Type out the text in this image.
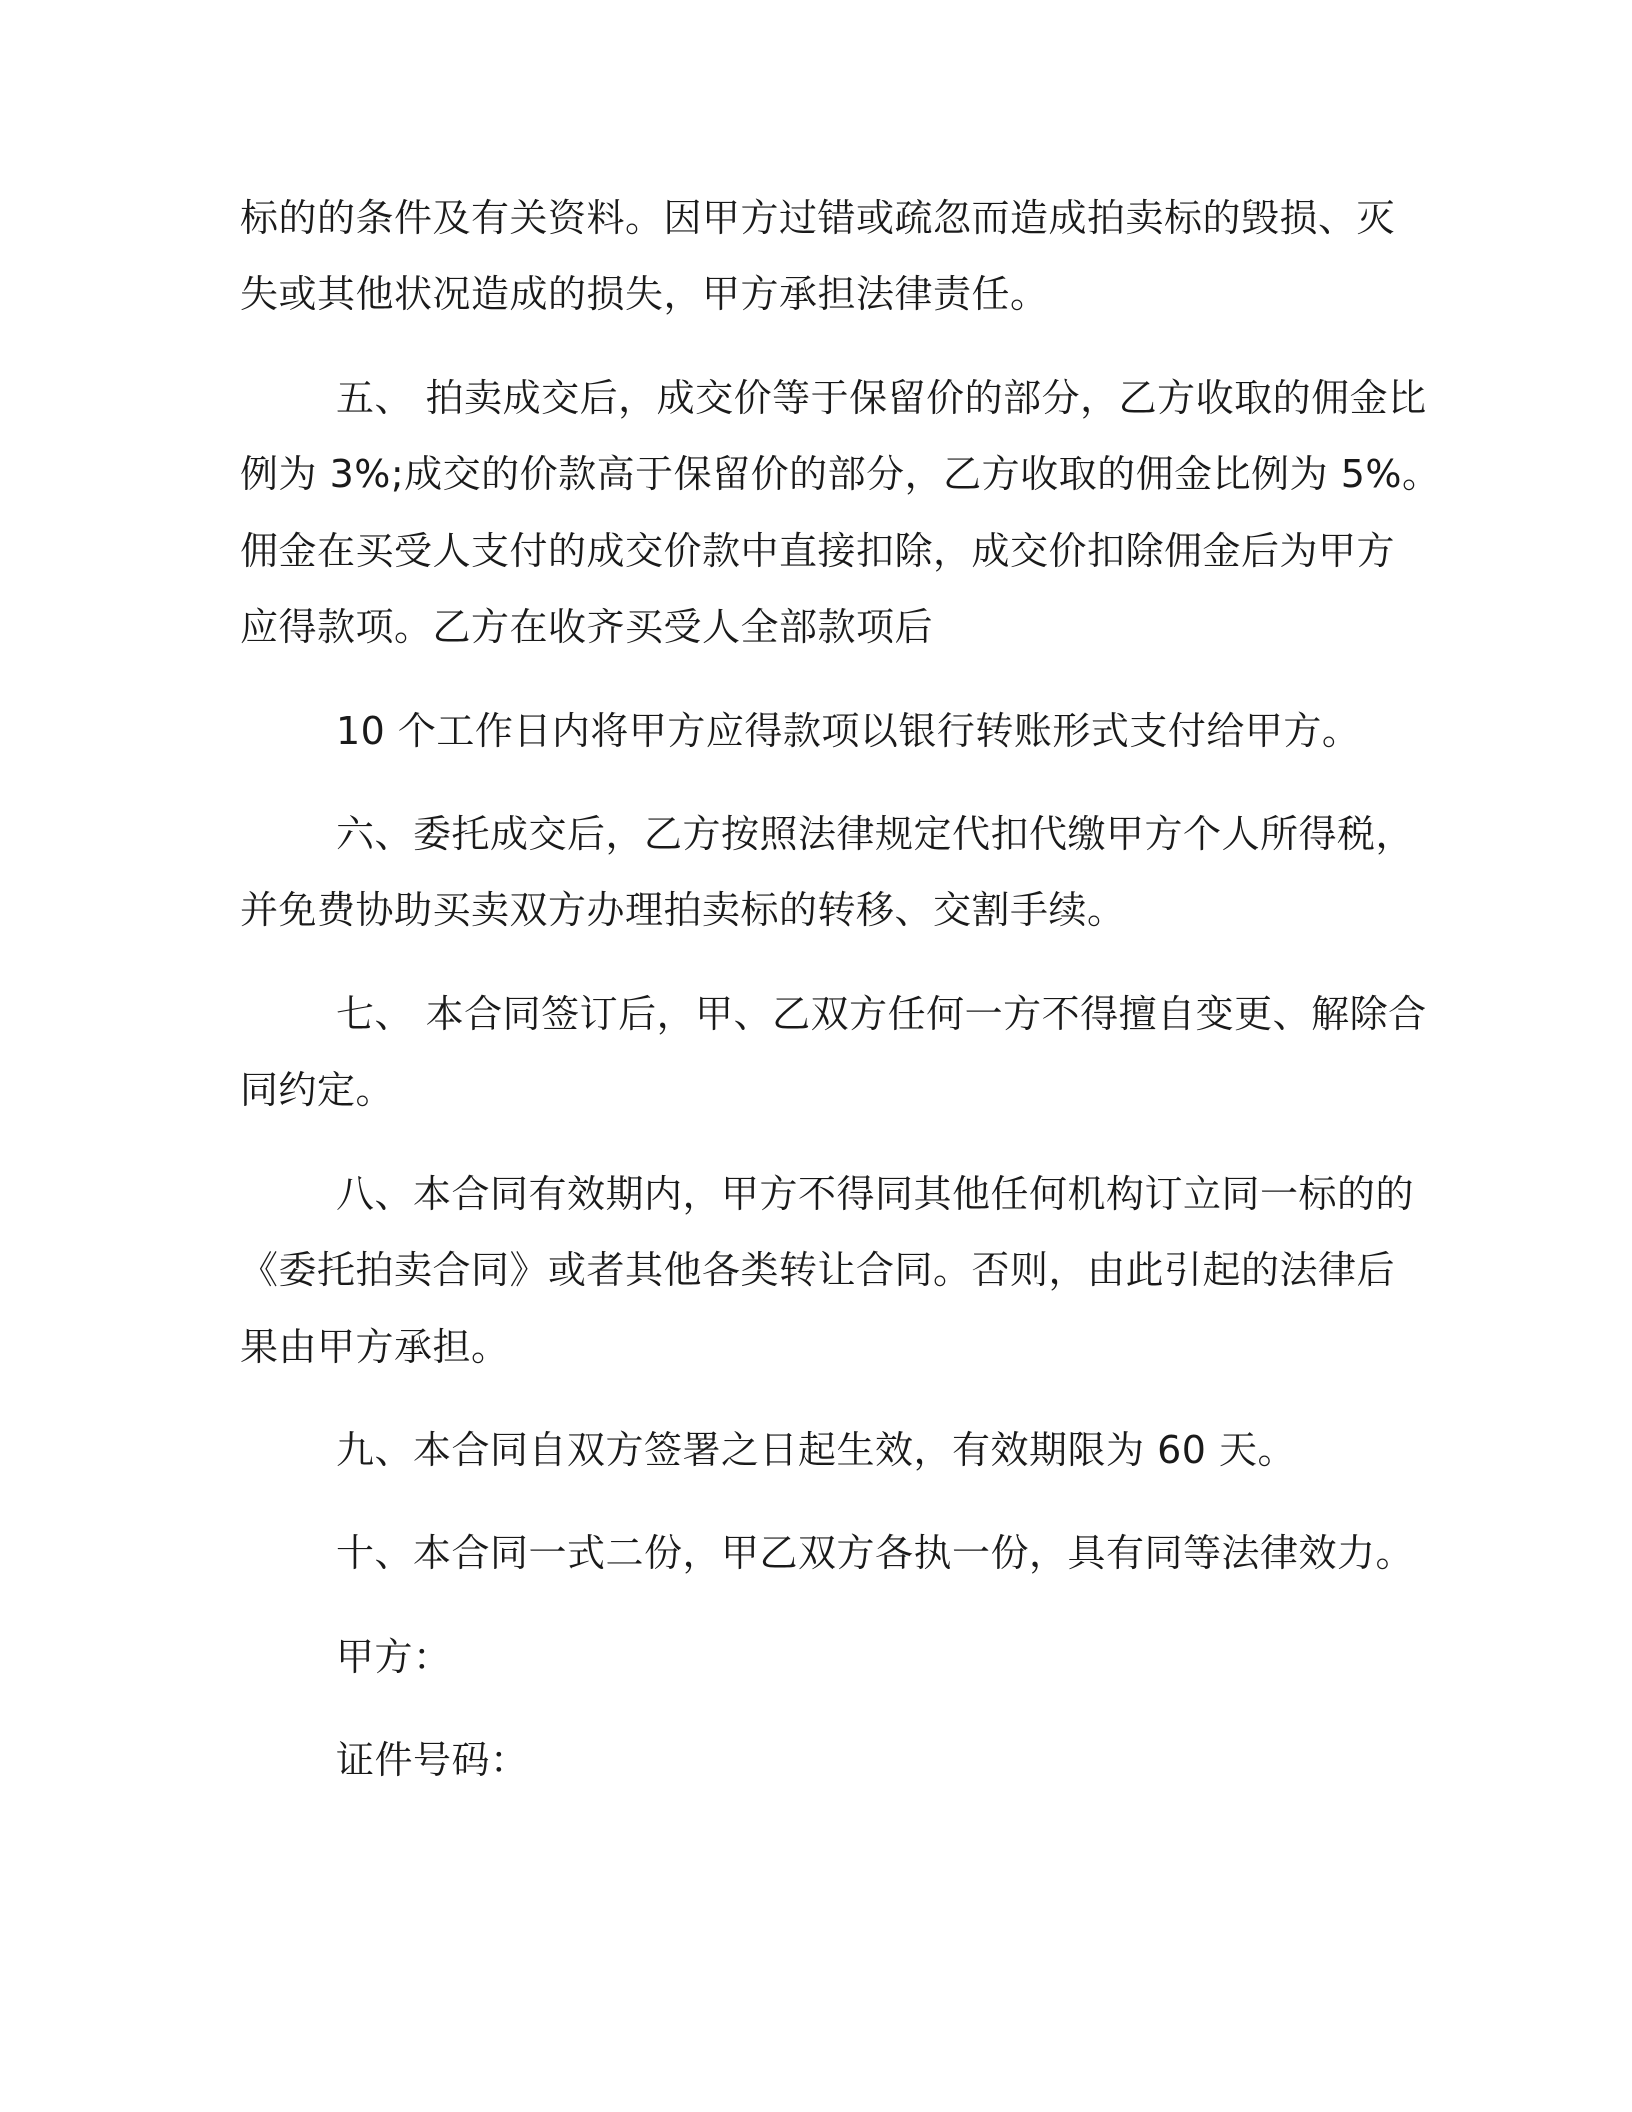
标的的条件及有关资料。因甲方过错或疏忽而造成拍卖标的毁损、灭

失或其他状况造成的损失，甲方承担法律责任。

五、 拍卖成交后，成交价等于保留价的部分，乙方收取的佣金比

例为 3%;成交的价款高于保留价的部分，乙方收取的佣金比例为 5%。

佣金在买受人支付的成交价款中直接扣除，成交价扣除佣金后为甲方

应得款项。乙方在收齐买受人全部款项后

10 个工作日内将甲方应得款项以银行转账形式支付给甲方。

六、委托成交后，乙方按照法律规定代扣代缴甲方个人所得税，

并免费协助买卖双方办理拍卖标的转移、交割手续。

七、 本合同签订后，甲、乙双方任何一方不得擅自变更、解除合

同约定。

八、本合同有效期内，甲方不得同其他任何机构订立同一标的的

《委托拍卖合同》或者其他各类转让合同。否则，由此引起的法律后

果由甲方承担。

九、本合同自双方签署之日起生效，有效期限为 60 天。

十、本合同一式二份，甲乙双方各执一份，具有同等法律效力。

甲方：

证件号码：
